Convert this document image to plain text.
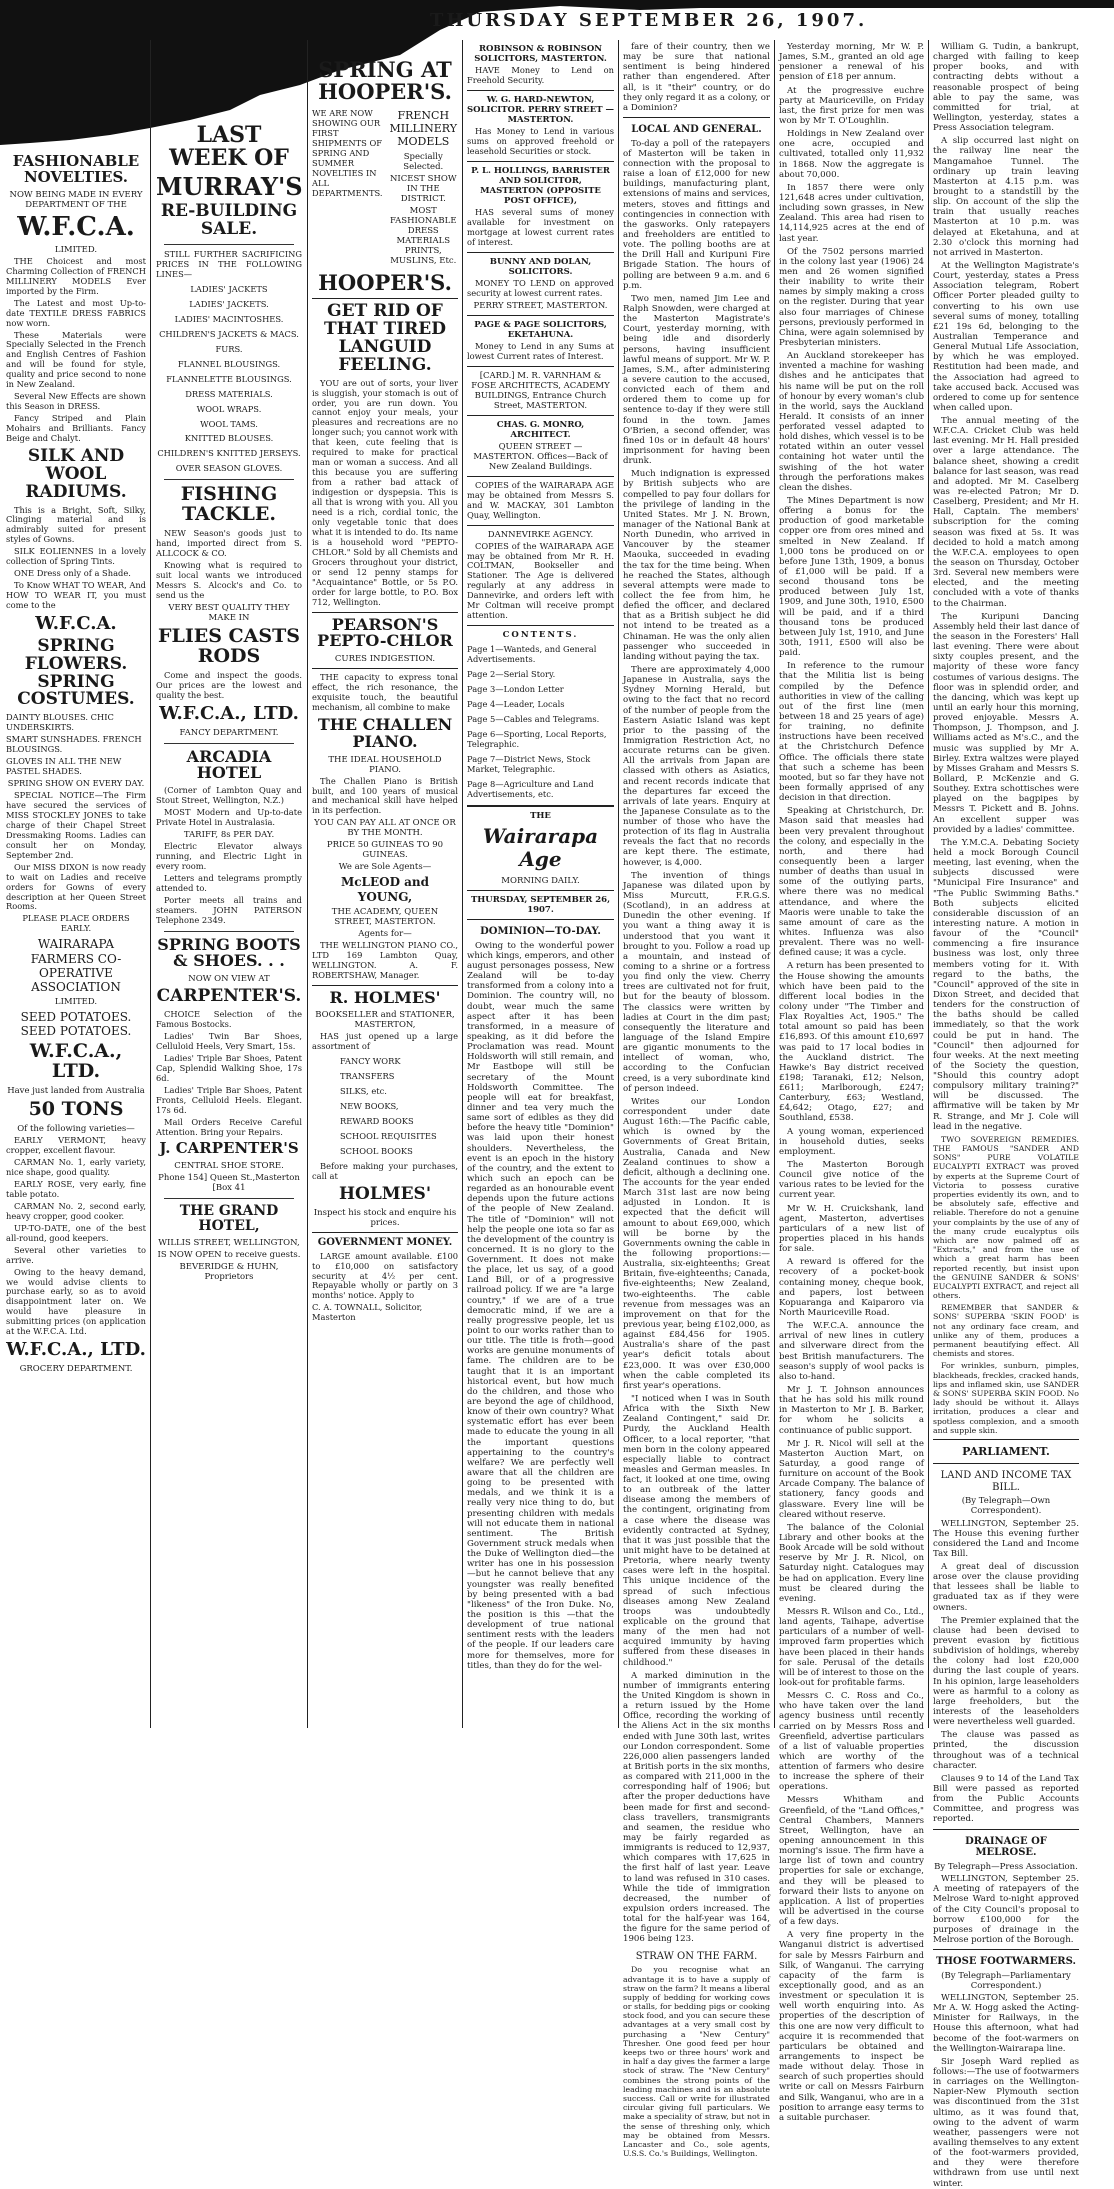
THURSDAY SEPTEMBER 26, 1907.
FASHIONABLE NOVELTIES.
NOW BEING MADE IN EVERY DEPARTMENT OF THE
W.F.C.A.
LIMITED.

THE Choicest and most Charming Collection of FRENCH MILLINERY MODELS Ever imported by the Firm.

The Latest and most Up-to-date TEXTILE DRESS FABRICS now worn.

These Materials were Specially Selected in the French and English Centres of Fashion and will be found for style, quality and price second to none in New Zealand.

Several New Effects are shown this Season in DRESS.

Fancy Striped and Plain Mohairs and Brilliants. Fancy Beige and Chalyt.

SILK AND WOOL RADIUMS.

This is a Bright, Soft, Silky, Clinging material and is admirably suited for present styles of Gowns.

SILK EOLIENNES in a lovely collection of Spring Tints.

ONE Dress only of a Shade.

To Know WHAT TO WEAR, And HOW TO WEAR IT, you must come to the

W.F.C.A.
SPRING FLOWERS. SPRING COSTUMES.
DAINTY BLOUSES. CHIC UNDERSKIRTS.
SMART SUNSHADES. FRENCH BLOUSINGS.
GLOVES IN ALL THE NEW PASTEL SHADES.
SPRING SHOW ON EVERY DAY.

SPECIAL NOTICE—The Firm have secured the services of MISS STOCKLEY JONES to take charge of their Chapel Street Dressmaking Rooms. Ladies can consult her on Monday, September 2nd.

Our MISS DIXON is now ready to wait on Ladies and receive orders for Gowns of every description at her Queen Street Rooms.

PLEASE PLACE ORDERS EARLY.
WAIRARAPA FARMERS CO-OPERATIVE ASSOCIATION
LIMITED.
SEED POTATOES. SEED POTATOES.
W.F.C.A., LTD.
Have just landed from Australia
50 TONS
Of the following varieties—

EARLY VERMONT, heavy cropper, excellent flavour.

CARMAN No. 1, early variety, nice shape, good quality.

EARLY ROSE, very early, fine table potato.

CARMAN No. 2, second early, heavy cropper, good cooker.

UP-TO-DATE, one of the best all-round, good keepers.

Several other varieties to arrive.

Owing to the heavy demand, we would advise clients to purchase early, so as to avoid disappointment later on. We would have pleasure in submitting prices (on application at the W.F.C.A. Ltd.

W.F.C.A., LTD.
GROCERY DEPARTMENT.
LAST WEEK OF
MURRAY'S
RE-BUILDING SALE.

STILL FURTHER SACRIFICING PRICES IN THE FOLLOWING LINES—

LADIES' JACKETS
LADIES' JACKETS.
LADIES' MACINTOSHES.
CHILDREN'S JACKETS & MACS.
FURS.
FLANNEL BLOUSINGS.
FLANNELETTE BLOUSINGS.
DRESS MATERIALS.
WOOL WRAPS.
WOOL TAMS.
KNITTED BLOUSES.
CHILDREN'S KNITTED JERSEYS.
OVER SEASON GLOVES.
FISHING TACKLE.

NEW Season's goods just to hand, imported direct from S. ALLCOCK & CO.

Knowing what is required to suit local wants we introduced Messrs S. Alcock's and Co. to send us the

VERY BEST QUALITY THEY MAKE IN
FLIES CASTS RODS

Come and inspect the goods. Our prices are the lowest and quality the best.

W.F.C.A., LTD.
FANCY DEPARTMENT.
ARCADIA HOTEL

(Corner of Lambton Quay and Stout Street, Wellington, N.Z.)

MOST Modern and Up-to-date Private Hotel in Australasia.

TARIFF, 8s PER DAY.

Electric Elevator always running, and Electric Light in every room.

Letters and telegrams promptly attended to.

Porter meets all trains and steamers. JOHN PATERSON Telephone 2349.

SPRING BOOTS & SHOES. . .
NOW ON VIEW AT
CARPENTER'S.

CHOICE Selection of the Famous Bostocks.

Ladies' Twin Bar Shoes, Celluloid Heels, Very Smart, 15s.

Ladies' Triple Bar Shoes, Patent Cap, Splendid Walking Shoe, 17s 6d.

Ladies' Triple Bar Shoes, Patent Fronts, Celluloid Heels. Elegant. 17s 6d.

Mail Orders Receive Careful Attention. Bring your Repairs.

J. CARPENTER'S
CENTRAL SHOE STORE.
Phone 154] Queen St.,Masterton [Box 41
THE GRAND HOTEL,
WILLIS STREET, WELLINGTON,
IS NOW OPEN to receive guests.
BEVERIDGE & HUHN, Proprietors
SPRING AT HOOPER'S.
WE ARE NOW SHOWING OUR FIRST SHIPMENTS OF SPRING AND SUMMER NOVELTIES IN ALL DEPARTMENTS.
FRENCH MILLINERY MODELS
Specially Selected.
NICEST SHOW IN THE DISTRICT.
MOST FASHIONABLE DRESS MATERIALS PRINTS, MUSLINS, Etc.
HOOPER'S.
GET RID OF THAT TIRED LANGUID FEELING.

YOU are out of sorts, your liver is sluggish, your stomach is out of order, you are run down. You cannot enjoy your meals, your pleasures and recreations are no longer such; you cannot work with that keen, cute feeling that is required to make for practical man or woman a success. And all this because you are suffering from a rather bad attack of indigestion or dyspepsia. This is all that is wrong with you. All you need is a rich, cordial tonic, the only vegetable tonic that does what it is intended to do. Its name is a household word "PEPTO-CHLOR." Sold by all Chemists and Grocers throughout your district, or send 12 penny stamps for "Acquaintance" Bottle, or 5s P.O. order for large bottle, to P.O. Box 712, Wellington.

PEARSON'S PEPTO-CHLOR
CURES INDIGESTION.

THE capacity to express tonal effect, the rich resonance, the exquisite touch, the beautiful mechanism, all combine to make

THE CHALLEN PIANO.
THE IDEAL HOUSEHOLD PIANO.

The Challen Piano is British built, and 100 years of musical and mechanical skill have helped in its perfection.

YOU CAN PAY ALL AT ONCE OR BY THE MONTH.
PRICE 50 GUINEAS TO 90 GUINEAS.
We are Sole Agents—
McLEOD and YOUNG,
THE ACADEMY, QUEEN STREET, MASTERTON.
Agents for—

THE WELLINGTON PIANO CO., LTD 169 Lambton Quay, WELLINGTON. A. F. ROBERTSHAW, Manager.

R. HOLMES'
BOOKSELLER and STATIONER, MASTERTON,

HAS just opened up a large assortment of

FANCY WORK
TRANSFERS
SILKS, etc.
NEW BOOKS,
REWARD BOOKS
SCHOOL REQUISITES
SCHOOL BOOKS

Before making your purchases, call at

HOLMES'
Inspect his stock and enquire his prices.
GOVERNMENT MONEY.

LARGE amount available. £100 to £10,000 on satisfactory security at 4½ per cent. Repayable wholly or partly on 3 months' notice. Apply to

C. A. TOWNALL, Solicitor, Masterton
ROBINSON & ROBINSON SOLICITORS, MASTERTON.

HAVE Money to Lend on Freehold Security.

W. G. HARD-NEWTON, SOLICITOR. PERRY STREET — MASTERTON.

Has Money to Lend in various sums on approved freehold or leasehold Securities or stock.

P. L. HOLLINGS, BARRISTER AND SOLICITOR, MASTERTON (OPPOSITE POST OFFICE),

HAS several sums of money available for investment on mortgage at lowest current rates of interest.

BUNNY AND DOLAN, SOLICITORS.

MONEY TO LEND on approved security at lowest current rates.

PERRY STREET, MASTERTON.
PAGE & PAGE SOLICITORS, EKETAHUNA.

Money to Lend in any Sums at lowest Current rates of Interest.

[CARD.] M. R. VARNHAM & FOSE ARCHITECTS, ACADEMY BUILDINGS, Entrance Church Street, MASTERTON.
CHAS. G. MONRO, ARCHITECT.
QUEEN STREET — MASTERTON. Offices—Back of New Zealand Buildings.

COPIES of the WAIRARAPA AGE may be obtained from Messrs S. and W. MACKAY, 301 Lambton Quay, Wellington.

DANNEVIRKE AGENCY.

COPIES of the WAIRARAPA AGE may be obtained from Mr R. H. COLTMAN, Bookseller and Stationer. The Age is delivered regularly at any address in Dannevirke, and orders left with Mr Coltman will receive prompt attention.

CONTENTS.
Page 1—Wanteds, and General Advertisements.
Page 2—Serial Story.
Page 3—London Letter
Page 4—Leader, Locals
Page 5—Cables and Telegrams.
Page 6—Sporting, Local Reports, Telegraphic.
Page 7—District News, Stock Market, Telegraphic.
Page 8—Agriculture and Land Advertisements, etc.
THE
Wairarapa Age
MORNING DAILY.
THURSDAY, SEPTEMBER 26, 1907.
DOMINION—TO-DAY.

Owing to the wonderful power which kings, emperors, and other august personages possess, New Zealand will be to-day transformed from a colony into a Dominion. The country will, no doubt, wear much the same aspect after it has been transformed, in a measure of speaking, as it did before the Proclamation was read. Mount Holdsworth will still remain, and Mr Eastbope will still be secretary of the Mount Holdsworth Committee. The people will eat for breakfast, dinner and tea very much the same sort of edibles as they did before the heavy title "Dominion" was laid upon their honest shoulders. Nevertheless, the event is an epoch in the history of the country, and the extent to which such an epoch can be regarded as an honourable event depends upon the future actions of the people of New Zealand. The title of "Dominion" will not help the people one iota so far as the development of the country is concerned. It is no glory to the Government. It does not make the place, let us say, of a good Land Bill, or of a progressive railroad policy. If we are "a large country," if we are of a true democratic mind, if we are a really progressive people, let us point to our works rather than to our title. The title is froth—good works are genuine monuments of fame. The children are to be taught that it is an important historical event, but how much do the children, and those who are beyond the age of childhood, know of their own country? What systematic effort has ever been made to educate the young in all the important questions appertaining to the country's welfare? We are perfectly well aware that all the children are going to be presented with medals, and we think it is a really very nice thing to do, but presenting children with medals will not educate them in national sentiment. The British Government struck medals when the Duke of Wellington died—the writer has one in his possession—but he cannot believe that any youngster was really benefited by being presented with a bad "likeness" of the Iron Duke. No, the position is this —that the development of true national sentiment rests with the leaders of the people. If our leaders care more for themselves, more for titles, than they do for the wel-

fare of their country, then we may be sure that national sentiment is being hindered rather than engendered. After all, is it "their" country, or do they only regard it as a colony, or a Dominion?

LOCAL AND GENERAL.

To-day a poll of the ratepayers of Masterton will be taken in connection with the proposal to raise a loan of £12,000 for new buildings, manufacturing plant, extensions of mains and services, meters, stoves and fittings and contingencies in connection with the gasworks. Only ratepayers and freeholders are entitled to vote. The polling booths are at the Drill Hall and Kuripuni Fire Brigade Station. The hours of polling are between 9 a.m. and 6 p.m.

Two men, named Jim Lee and Ralph Snowden, were charged at the Masterton Magistrate's Court, yesterday morning, with being idle and disorderly persons, having insufficient lawful means of support. Mr W. P. James, S.M., after administering a severe caution to the accused, convicted each of them and ordered them to come up for sentence to-day if they were still found in the town. James O'Brien, a second offender, was fined 10s or in default 48 hours' imprisonment for having been drunk.

Much indignation is expressed by British subjects who are compelled to pay four dollars for the privilege of landing in the United States. Mr J. N. Brown, manager of the National Bank at North Dunedin, who arrived in Vancouver by the steamer Maouka, succeeded in evading the tax for the time being. When he reached the States, although several attempts were made to collect the fee from him, he defied the officer, and declared that as a British subject he did not intend to be treated as a Chinaman. He was the only alien passenger who succeeded in landing without paying the tax.

There are approximately 4,000 Japanese in Australia, says the Sydney Morning Herald, but owing to the fact that no record of the number of people from the Eastern Asiatic Island was kept prior to the passing of the Immigration Restriction Act, no accurate returns can be given. All the arrivals from Japan are classed with others as Asiatics, and recent records indicate that the departures far exceed the arrivals of late years. Enquiry at the Japanese Consulate as to the number of those who have the protection of its flag in Australia reveals the fact that no records are kept there. The estimate, however, is 4,000.

The invention of things Japanese was dilated upon by Miss Murcutt, F.R.G.S. (Scotland), in an address at Dunedin the other evening. If you want a thing away it is understood that you want it brought to you. Follow a road up a mountain, and instead of coming to a shrine or a fortress you find only the view. Cherry trees are cultivated not for fruit, but for the beauty of blossom. The classics were written by ladies at Court in the dim past; consequently the literature and language of the Island Empire are gigantic monuments to the intellect of woman, who, according to the Confucian creed, is a very subordinate kind of person indeed.

Writes our London correspondent under date August 16th:—The Pacific cable, which is owned by the Governments of Great Britain, Australia, Canada and New Zealand continues to show a deficit, although a declining one. The accounts for the year ended March 31st last are now being adjusted in London. It is expected that the deficit will amount to about £69,000, which will be borne by the Governments owning the cable in the following proportions:—Australia, six-eighteenths; Great Britain, five-eighteenths; Canada, five-eighteenths; New Zealand, two-eighteenths. The cable revenue from messages was an improvement on that for the previous year, being £102,000, as against £84,456 for 1905. Australia's share of the past year's deficit totals about £23,000. It was over £30,000 when the cable completed its first year's operations.

"I noticed when I was in South Africa with the Sixth New Zealand Contingent," said Dr. Purdy, the Auckland Health Officer, to a local reporter, "that men born in the colony appeared especially liable to contract measles and German measles. In fact, it looked at one time, owing to an outbreak of the latter disease among the members of the contingent, originating from a case where the disease was evidently contracted at Sydney, that it was just possible that the unit might have to be detained at Pretoria, where nearly twenty cases were left in the hospital. This unique incidence of the spread of such infectious diseases among New Zealand troops was undoubtedly explicable on the ground that many of the men had not acquired immunity by having suffered from these diseases in childhood."

A marked diminution in the number of immigrants entering the United Kingdom is shown in a return issued by the Home Office, recording the working of the Aliens Act in the six months ended with June 30th last, writes our London correspondent. Some 226,000 alien passengers landed at British ports in the six months, as compared with 211,000 in the corresponding half of 1906; but after the proper deductions have been made for first and second-class travellers, transmigrants and seamen, the residue who may be fairly regarded as immigrants is reduced to 12,937, which compares with 17,625 in the first half of last year. Leave to land was refused in 310 cases. While the tide of immigration decreased, the number of expulsion orders increased. The total for the half-year was 164, the figure for the same period of 1906 being 123.

STRAW ON THE FARM.

Do you recognise what an advantage it is to have a supply of straw on the farm? It means a liberal supply of bedding for working cows or stalls, for bedding pigs or cooking stock food, and you can secure these advantages at a very small cost by purchasing a "New Century" Thresher. One good feed per hour keeps two or three hours' work and in half a day gives the farmer a large stock of straw. The "New Century" combines the strong points of the leading machines and is an absolute success. Call or write for illustrated circular giving full particulars. We make a speciality of straw, but not in the sense of threshing only, which may be obtained from Messrs. Lancaster and Co., sole agents, U.S.S. Co.'s Buildings, Wellington.

Yesterday morning, Mr W. P. James, S.M., granted an old age pensioner a renewal of his pension of £18 per annum.

At the progressive euchre party at Mauriceville, on Friday last, the first prize for men was won by Mr T. O'Loughlin.

Holdings in New Zealand over one acre, occupied and cultivated, totalled only 11,932 in 1868. Now the aggregate is about 70,000.

In 1857 there were only 121,648 acres under cultivation, including sown grasses, in New Zealand. This area had risen to 14,114,925 acres at the end of last year.

Of the 7502 persons married in the colony last year (1906) 24 men and 26 women signified their inability to write their names by simply making a cross on the register. During that year also four marriages of Chinese persons, previously performed in China, were again solemnised by Presbyterian ministers.

An Auckland storekeeper has invented a machine for washing dishes and he anticipates that his name will be put on the roll of honour by every woman's club in the world, says the Auckland Herald. It consists of an inner perforated vessel adapted to hold dishes, which vessel is to be rotated within an outer vessel containing hot water until the swishing of the hot water through the perforations makes clean the dishes.

The Mines Department is now offering a bonus for the production of good marketable copper ore from ores mined and smelted in New Zealand. If 1,000 tons be produced on or before June 13th, 1909, a bonus of £1,000 will be paid. If a second thousand tons be produced between July 1st, 1909, and June 30th, 1910, £500 will be paid, and if a third thousand tons be produced between July 1st, 1910, and June 30th, 1911, £500 will also be paid.

In reference to the rumour that the Militia list is being compiled by the Defence authorities in view of the calling out of the first line (men between 18 and 25 years of age) for training, no definite instructions have been received at the Christchurch Defence Office. The officials there state that such a scheme has been mooted, but so far they have not been formally apprised of any decision in that direction.

Speaking at Christchurch, Dr. Mason said that measles had been very prevalent throughout the colony, and especially in the north, and there had consequently been a larger number of deaths than usual in some of the outlying parts, where there was no medical attendance, and where the Maoris were unable to take the same amount of care as the whites. Influenza was also prevalent. There was no well-defined cause; it was a cycle.

A return has been presented to the House showing the amounts which have been paid to the different local bodies in the colony under "The Timber and Flax Royalties Act, 1905." The total amount so paid has been £16,893. Of this amount £10,697 was paid to 17 local bodies in the Auckland district. The Hawke's Bay district received £198; Taranaki, £12; Nelson, £611; Marlborough, £247; Canterbury, £63; Westland, £4,642; Otago, £27; and Southland, £538.

A young woman, experienced in household duties, seeks employment.

The Masterton Borough Council give notice of the various rates to be levied for the current year.

Mr W. H. Cruickshank, land agent, Masterton, advertises particulars of a new list of properties placed in his hands for sale.

A reward is offered for the recovery of a pocket-book containing money, cheque book, and papers, lost between Kopuaranga and Kaiparoro via North Mauriceville Road.

The W.F.C.A. announce the arrival of new lines in cutlery and silverware direct from the best British manufacturers. The season's supply of wool packs is also to-hand.

Mr J. T. Johnson announces that he has sold his milk round in Masterton to Mr J. B. Barker, for whom he solicits a continuance of public support.

Mr J. R. Nicol will sell at the Masterton Auction Mart, on Saturday, a good range of furniture on account of the Book Arcade Company. The balance of stationery, fancy goods and glassware. Every line will be cleared without reserve.

The balance of the Colonial Library and other books at the Book Arcade will be sold without reserve by Mr J. R. Nicol, on Saturday night. Catalogues may be had on application. Every line must be cleared during the evening.

Messrs R. Wilson and Co., Ltd., land agents, Taihape, advertise particulars of a number of well-improved farm properties which have been placed in their hands for sale. Perusal of the details will be of interest to those on the look-out for profitable farms.

Messrs C. C. Ross and Co., who have taken over the land agency business until recently carried on by Messrs Ross and Greenfield, advertise particulars of a list of valuable properties which are worthy of the attention of farmers who desire to increase the sphere of their operations.

Messrs Whitham and Greenfield, of the "Land Offices," Central Chambers, Manners Street, Wellington, have an opening announcement in this morning's issue. The firm have a large list of town and country properties for sale or exchange, and they will be pleased to forward their lists to anyone on application. A list of properties will be advertised in the course of a few days.

A very fine property in the Wanganui district is advertised for sale by Messrs Fairburn and Silk, of Wanganui. The carrying capacity of the farm is exceptionally good, and as an investment or speculation it is well worth enquiring into. As properties of the description of this one are now very difficult to acquire it is recommended that particulars be obtained and arrangements to inspect be made without delay. Those in search of such properties should write or call on Messrs Fairburn and Silk, Wanganui, who are in a position to arrange easy terms to a suitable purchaser.

William G. Tudin, a bankrupt, charged with failing to keep proper books, and with contracting debts without a reasonable prospect of being able to pay the same, was committed for trial, at Wellington, yesterday, states a Press Association telegram.

A slip occurred last night on the railway line near the Mangamahoe Tunnel. The ordinary up train leaving Masterton at 4.15 p.m. was brought to a standstill by the slip. On account of the slip the train that usually reaches Masterton at 10 p.m. was delayed at Eketahuna, and at 2.30 o'clock this morning had not arrived in Masterton.

At the Wellington Magistrate's Court, yesterday, states a Press Association telegram, Robert Officer Porter pleaded guilty to converting to his own use several sums of money, totalling £21 19s 6d, belonging to the Australian Temperance and General Mutual Life Association, by which he was employed. Restitution had been made, and the Association had agreed to take accused back. Accused was ordered to come up for sentence when called upon.

The annual meeting of the W.F.C.A. Cricket Club was held last evening. Mr H. Hall presided over a large attendance. The balance sheet, showing a credit balance for last season, was read and adopted. Mr M. Caselberg was re-elected Patron; Mr D. Caselberg, President; and Mr H. Hall, Captain. The members' subscription for the coming season was fixed at 5s. It was decided to hold a match among the W.F.C.A. employees to open the season on Thursday, October 3rd. Several new members were elected, and the meeting concluded with a vote of thanks to the Chairman.

The Kuripuni Dancing Assembly held their last dance of the season in the Foresters' Hall last evening. There were about sixty couples present, and the majority of these wore fancy costumes of various designs. The floor was in splendid order, and the dancing, which was kept up until an early hour this morning, proved enjoyable. Messrs A. Thompson, J. Thompson, and J. Williams acted as M's.C., and the music was supplied by Mr A. Birley. Extra waltzes were played by Misses Graham and Messrs S. Bollard, P. McKenzie and G. Southey. Extra schottisches were played on the bagpipes by Messrs T. Pickett and B. Johns. An excellent supper was provided by a ladies' committee.

The Y.M.C.A. Debating Society held a mock Borough Council meeting, last evening, when the subjects discussed were "Municipal Fire Insurance" and "The Public Swimming Baths." Both subjects elicited considerable discussion of an interesting nature. A motion in favour of the "Council" commencing a fire insurance business was lost, only three members voting for it. With regard to the baths, the "Council" approved of the site in Dixon Street, and decided that tenders for the construction of the baths should be called immediately, so that the work could be put in hand. The "Council" then adjourned for four weeks. At the next meeting of the Society the question, "Should this country adopt compulsory military training?" will be discussed. The affirmative will be taken by Mr R. Strange, and Mr J. Cole will lead in the negative.

TWO SOVEREIGN REMEDIES. THE FAMOUS "SANDER AND SONS" PURE VOLATILE EUCALYPTI EXTRACT was proved by experts at the Supreme Court of Victoria to possess curative properties evidently its own, and to be absolutely safe, effective and reliable. Therefore do not a genuine your complaints by the use of any of the many crude eucalyptus oils which are now palmed off as "Extracts," and from the use of which a great harm has been reported recently, but insist upon the GENUINE SANDER & SONS' EUCALYPTI EXTRACT, and reject all others.

REMEMBER that SANDER & SONS' SUPERBA 'SKIN FOOD' is not any ordinary face cream, and unlike any of them, produces a permanent beautifying effect. All chemists and stores.

For wrinkles, sunburn, pimples, blackheads, freckles, cracked hands, lips and inflamed skin, use SANDER & SONS' SUPERBA SKIN FOOD. No lady should be without it. Allays irritation, produces a clear and spotless complexion, and a smooth and supple skin.

PARLIAMENT.
LAND AND INCOME TAX BILL.
(By Telegraph—Own Correspondent).

WELLINGTON, September 25. The House this evening further considered the Land and Income Tax Bill.

A great deal of discussion arose over the clause providing that lessees shall be liable to graduated tax as if they were owners.

The Premier explained that the clause had been devised to prevent evasion by fictitious subdivision of holdings, whereby the colony had lost £20,000 during the last couple of years. In his opinion, large leaseholders were as harmful to a colony as large freeholders, but the interests of the leaseholders were nevertheless well guarded.

The clause was passed as printed, the discussion throughout was of a technical character.

Clauses 9 to 14 of the Land Tax Bill were passed as reported from the Public Accounts Committee, and progress was reported.

DRAINAGE OF MELROSE.
By Telegraph—Press Association.

WELLINGTON, September 25. A meeting of ratepayers of the Melrose Ward to-night approved of the City Council's proposal to borrow £100,000 for the purposes of drainage in the Melrose portion of the Borough.

THOSE FOOTWARMERS.
(By Telegraph—Parliamentary Correspondent.)

WELLINGTON, September 25. Mr A. W. Hogg asked the Acting-Minister for Railways, in the House this afternoon, what had become of the foot-warmers on the Wellington-Wairarapa line.

Sir Joseph Ward replied as follows:—The use of footwarmers in carriages on the Wellington-Napier-New Plymouth section was discontinued from the 31st ultimo, as it was found that, owing to the advent of warm weather, passengers were not availing themselves to any extent of the foot-warmers provided, and they were therefore withdrawn from use until next winter.
